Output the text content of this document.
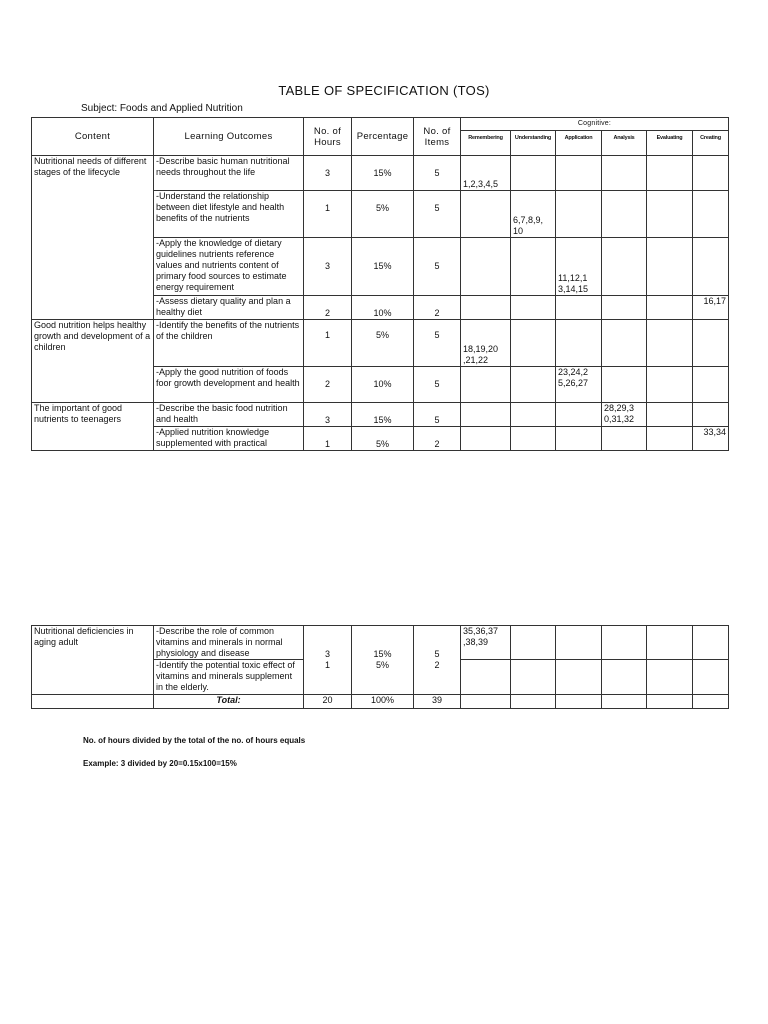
TABLE OF SPECIFICATION (TOS)
Subject: Foods and Applied Nutrition
Content	Learning Outcomes	No. of Hours	Percentage	No. of Items	Cognitive:					
					Remembering	Understanding	Application	Analysis	Evaluating	Creating
Nutritional needs of different stages of the lifecycle	-Describe basic human nutritional needs throughout the life	3	15%	5	1,2,3,4,5					
	-Understand the relationship between diet lifestyle and health benefits of the nutrients	1	5%	5		6,7,8,9, 10				
	-Apply the knowledge of dietary guidelines nutrients reference values and nutrients content of primary food sources to estimate energy requirement	3	15%	5			11,12,1 3,14,15			
	-Assess dietary quality and plan a healthy diet	2	10%	2						16,17
Good nutrition helps healthy growth and development of a children	-Identify the benefits of the nutrients of the children	1	5%	5	18,19,20 ,21,22					
	-Apply the good nutrition of foods foor growth development and health	2	10%	5			23,24,2 5,26,27			
The important of good nutrients to teenagers	-Describe the basic food nutrition and health	3	15%	5				28,29,3 0,31,32		
	-Applied nutrition knowledge supplemented with practical	1	5%	2						33,34
Nutritional deficiencies in aging adult	-Describe the role of common vitamins and minerals in normal physiology and disease	3	15%	5	35,36,37 ,38,39					
	-Identify the potential toxic effect of vitamins and minerals supplement in the elderly.	1	5%	2						
	Total:	20	100%	39						
No. of hours divided by the total of the no. of hours equals
Example: 3 divided by 20=0.15x100=15%
